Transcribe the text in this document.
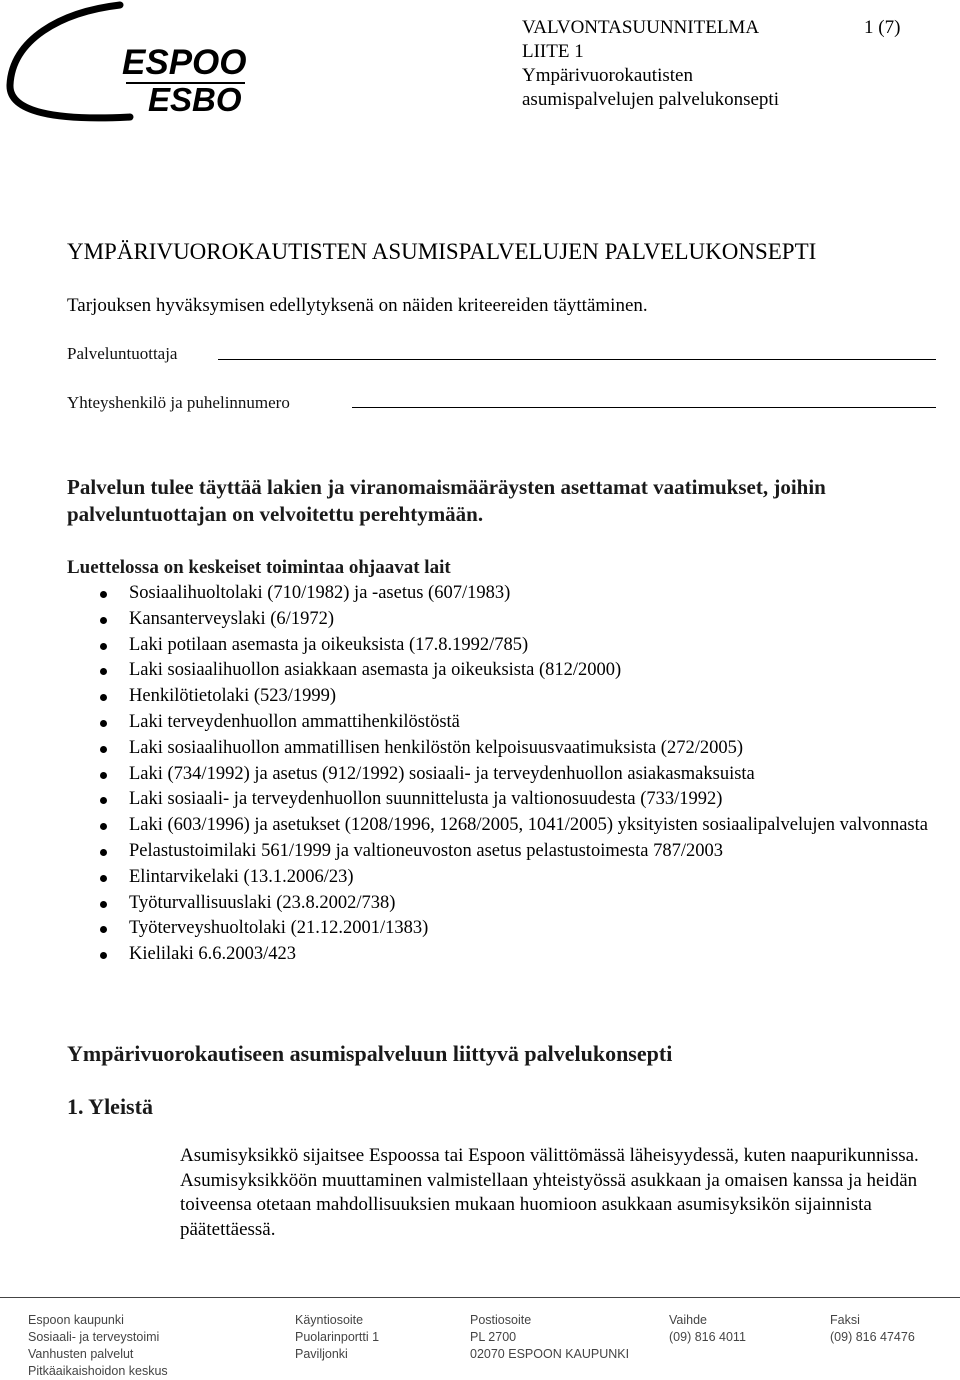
ESPOO
ESBO
VALVONTASUUNNITELMA
LIITE 1
Ympärivuorokautisten
asumispalvelujen palvelukonsepti
1 (7)
YMPÄRIVUOROKAUTISTEN ASUMISPALVELUJEN PALVELUKONSEPTI
Tarjouksen hyväksymisen edellytyksenä on näiden kriteereiden täyttäminen.
Palveluntuottaja
Yhteyshenkilö ja puhelinnumero
Palvelun tulee täyttää lakien ja viranomaismääräysten asettamat vaatimukset, joihin palveluntuottajan on velvoitettu perehtymään.
Luettelossa on keskeiset toimintaa ohjaavat lait
Sosiaalihuoltolaki (710/1982) ja -asetus (607/1983)
Kansanterveyslaki (6/1972)
Laki potilaan asemasta ja oikeuksista (17.8.1992/785)
Laki sosiaalihuollon asiakkaan asemasta ja oikeuksista (812/2000)
Henkilötietolaki (523/1999)
Laki terveydenhuollon ammattihenkilöstöstä
Laki sosiaalihuollon ammatillisen henkilöstön kelpoisuusvaatimuksista (272/2005)
Laki (734/1992) ja asetus (912/1992) sosiaali- ja terveydenhuollon asiakasmaksuista
Laki sosiaali- ja terveydenhuollon suunnittelusta ja valtionosuudesta (733/1992)
Laki (603/1996) ja asetukset (1208/1996, 1268/2005, 1041/2005) yksityisten sosiaalipalvelujen valvonnasta
Pelastustoimilaki 561/1999 ja valtioneuvoston asetus pelastustoimesta 787/2003
Elintarvikelaki (13.1.2006/23)
Työturvallisuuslaki (23.8.2002/738)
Työterveyshuoltolaki (21.12.2001/1383)
Kielilaki 6.6.2003/423
Ympärivuorokautiseen asumispalveluun liittyvä palvelukonsepti
1. Yleistä
Asumisyksikkö sijaitsee Espoossa tai Espoon välittömässä läheisyydessä, kuten naapurikunnissa. Asumisyksikköön muuttaminen valmistellaan yhteistyössä asukkaan ja omaisen kanssa ja heidän toiveensa otetaan mahdollisuuksien mukaan huomioon asukkaan asumisyksikön sijainnista päätettäessä.
Espoon kaupunki
Sosiaali- ja terveystoimi
Vanhusten palvelut
Pitkäaikaishoidon keskus
Käyntiosoite
Puolarinportti 1
Paviljonki
Postiosoite
PL 2700
02070 ESPOON KAUPUNKI
Vaihde
(09) 816 4011
Faksi
(09) 816 47476
